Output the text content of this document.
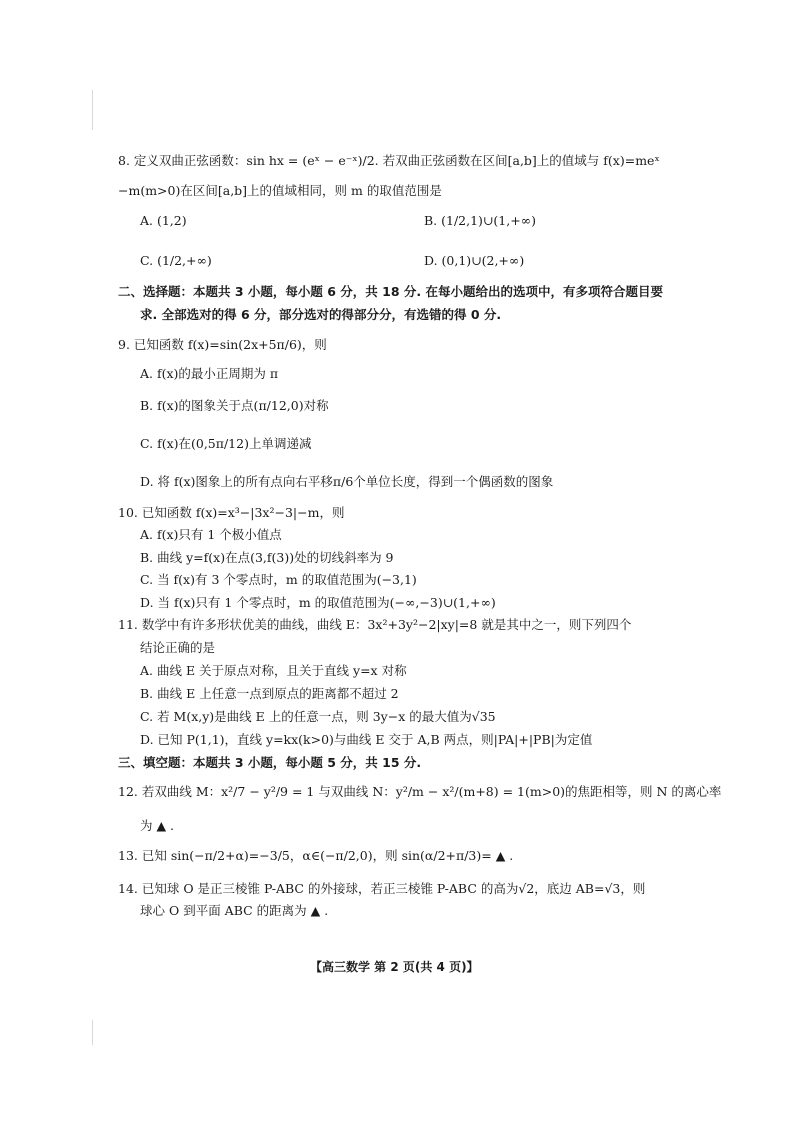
8. 定义双曲正弦函数：sin hx = (eˣ − e⁻ˣ)/2. 若双曲正弦函数在区间[a,b]上的值域与 f(x)=meˣ
−m(m>0)在区间[a,b]上的值域相同，则 m 的取值范围是
A. (1,2)	B. (1/2,1)∪(1,+∞)
C. (1/2,+∞)	D. (0,1)∪(2,+∞)
二、选择题：本题共 3 小题，每小题 6 分，共 18 分. 在每小题给出的选项中，有多项符合题目要
求. 全部选对的得 6 分，部分选对的得部分分，有选错的得 0 分.
9. 已知函数 f(x)=sin(2x+5π/6)，则
A. f(x)的最小正周期为 π
B. f(x)的图象关于点(π/12,0)对称
C. f(x)在(0,5π/12)上单调递减
D. 将 f(x)图象上的所有点向右平移π/6个单位长度，得到一个偶函数的图象
10. 已知函数 f(x)=x³−|3x²−3|−m，则
A. f(x)只有 1 个极小值点
B. 曲线 y=f(x)在点(3,f(3))处的切线斜率为 9
C. 当 f(x)有 3 个零点时，m 的取值范围为(−3,1)
D. 当 f(x)只有 1 个零点时，m 的取值范围为(−∞,−3)∪(1,+∞)
11. 数学中有许多形状优美的曲线，曲线 E：3x²+3y²−2|xy|=8 就是其中之一，则下列四个
结论正确的是
A. 曲线 E 关于原点对称，且关于直线 y=x 对称
B. 曲线 E 上任意一点到原点的距离都不超过 2
C. 若 M(x,y)是曲线 E 上的任意一点，则 3y−x 的最大值为√35
D. 已知 P(1,1)，直线 y=kx(k>0)与曲线 E 交于 A,B 两点，则|PA|+|PB|为定值
三、填空题：本题共 3 小题，每小题 5 分，共 15 分.
12. 若双曲线 M：x²/7 − y²/9 = 1 与双曲线 N：y²/m − x²/(m+8) = 1(m>0)的焦距相等，则 N 的离心率
为 ▲ .
13. 已知 sin(−π/2+α)=−3/5，α∈(−π/2,0)，则 sin(α/2+π/3)= ▲ .
14. 已知球 O 是正三棱锥 P-ABC 的外接球，若正三棱锥 P-ABC 的高为√2，底边 AB=√3，则
球心 O 到平面 ABC 的距离为 ▲ .
【高三数学 第 2 页(共 4 页)】
